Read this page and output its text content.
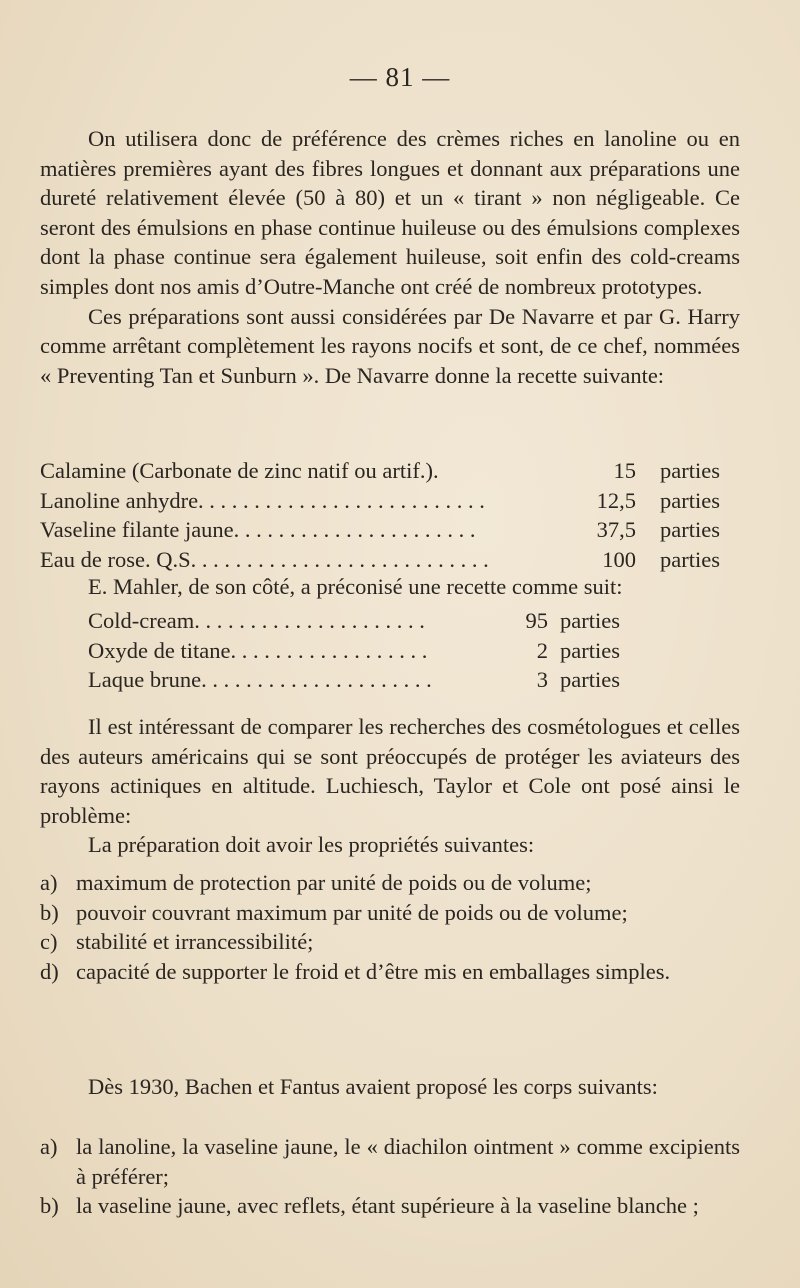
— 81 —

On utilisera donc de préférence des crèmes riches en lanoline ou en matières premières ayant des fibres longues et donnant aux préparations une dureté relativement élevée (50 à 80) et un « tirant » non négligeable. Ce seront des émulsions en phase continue huileuse ou des émulsions complexes dont la phase continue sera également huileuse, soit enfin des cold-creams simples dont nos amis d’Outre-Manche ont créé de nombreux prototypes.

Ces préparations sont aussi considérées par De Navarre et par G. Harry comme arrêtant complètement les rayons nocifs et sont, de ce chef, nommées « Preventing Tan et Sunburn ». De Navarre donne la recette suivante:

Calamine (Carbonate de zinc natif ou artif.).	15 parties
Lanoline anhydre. . . . . . . . . . . . . . . . . . . . . . . . . .	12,5 parties
Vaseline filante jaune. . . . . . . . . . . . . . . . . . . . . .	37,5 parties
Eau de rose. Q.S. . . . . . . . . . . . . . . . . . . . . . . . . . .	100 parties

E. Mahler, de son côté, a préconisé une recette comme suit:

Cold-cream. . . . . . . . . . . . . . . . . . . . .	95 parties
Oxyde de titane. . . . . . . . . . . . . . . . . .	2 parties
Laque brune. . . . . . . . . . . . . . . . . . . . .	3 parties

Il est intéressant de comparer les recherches des cosmétologues et celles des auteurs américains qui se sont préoccupés de protéger les aviateurs des rayons actiniques en altitude. Luchiesch, Taylor et Cole ont posé ainsi le problème:

La préparation doit avoir les propriétés suivantes:

a) maximum de protection par unité de poids ou de volume;
b) pouvoir couvrant maximum par unité de poids ou de volume;
c) stabilité et irrancessibilité;
d) capacité de supporter le froid et d’être mis en emballages simples.

Dès 1930, Bachen et Fantus avaient proposé les corps suivants:

a) la lanoline, la vaseline jaune, le « diachilon ointment » comme excipients à préférer;
b) la vaseline jaune, avec reflets, étant supérieure à la vaseline blanche ;
